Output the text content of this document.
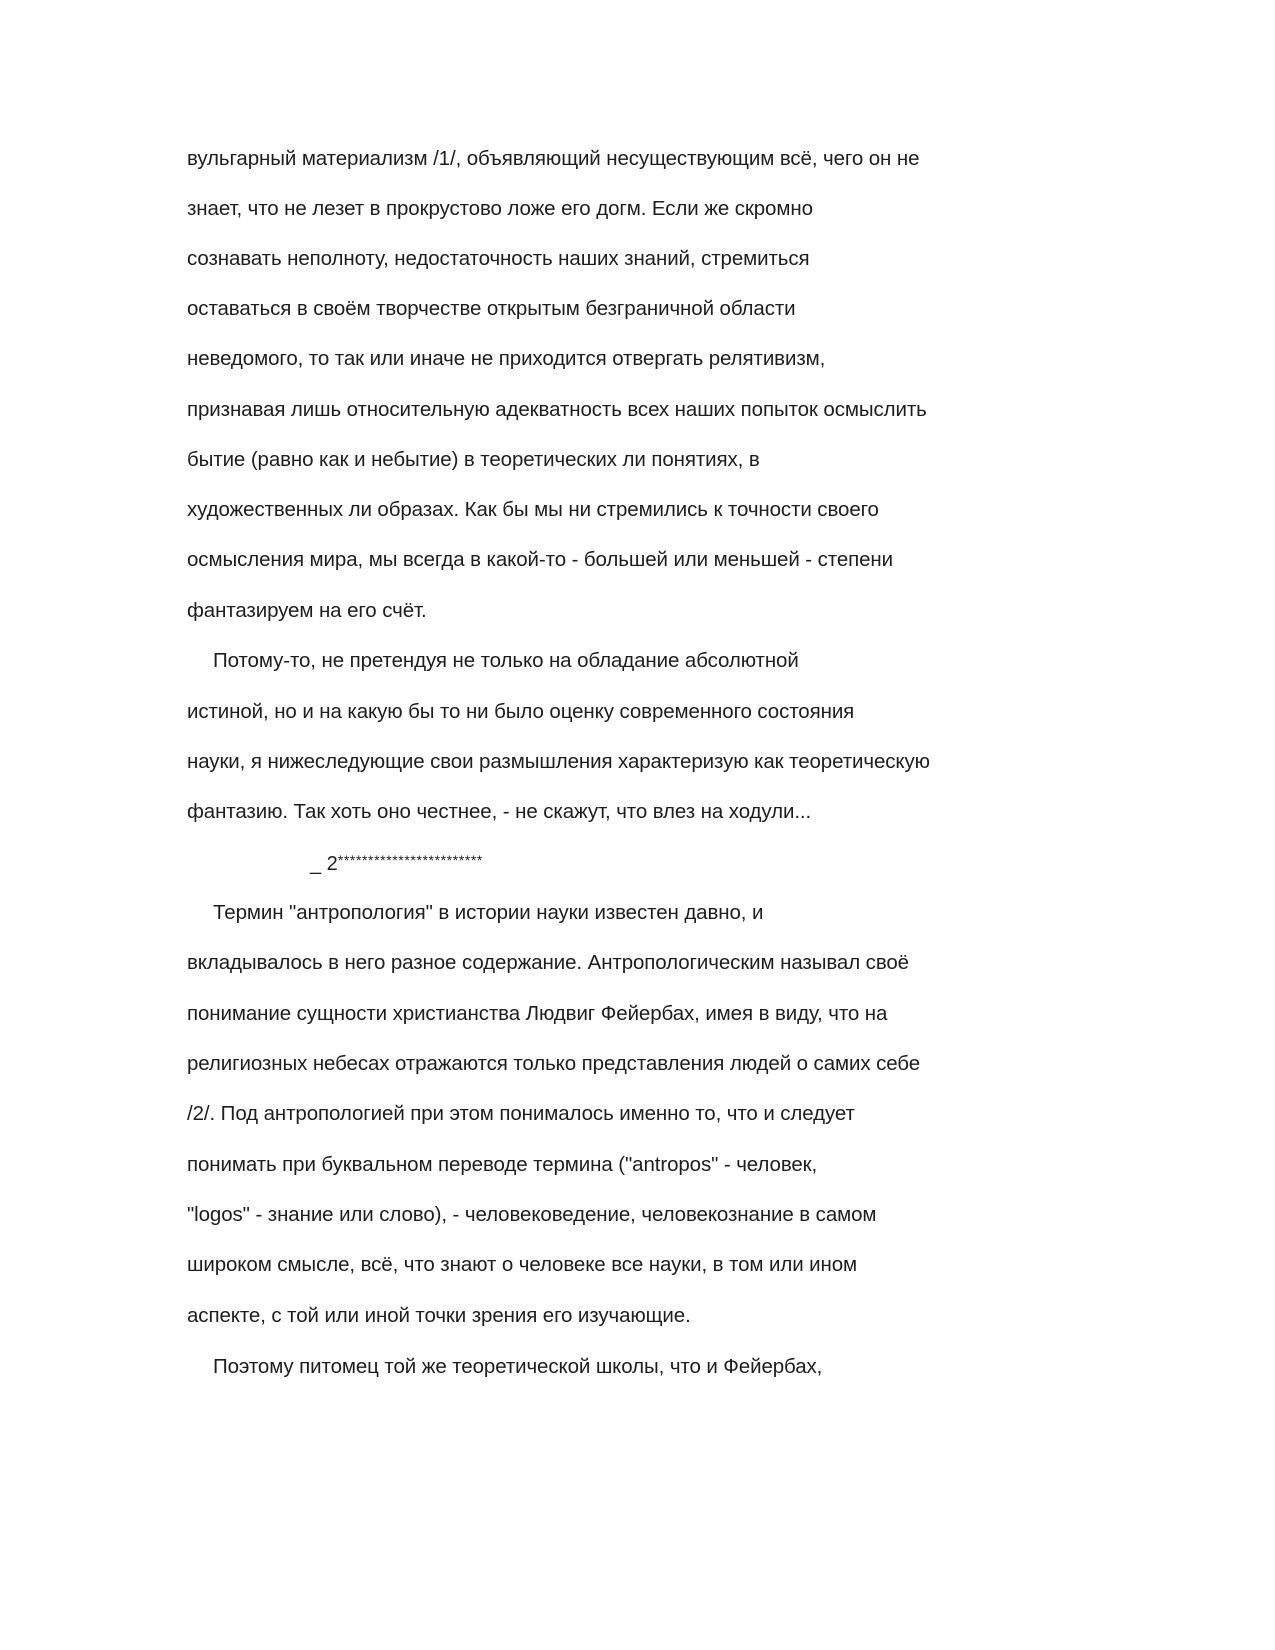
вульгарный материализм /1/, объявляющий несуществующим всё, чего он не
знает, что не лезет в прокрустово ложе его догм. Если же скромно
сознавать неполноту, недостаточность наших знаний, стремиться
оставаться в своём творчестве открытым безграничной области
неведомого, то так или иначе не приходится отвергать релятивизм,
признавая лишь относительную адекватность всех наших попыток осмыслить
бытие (равно как и небытие) в теоретических ли понятиях, в
художественных ли образах. Как бы мы ни стремились к точности своего
осмысления мира, мы всегда в какой-то - большей или меньшей - степени
фантазируем на его счёт.
Потому-то, не претендуя не только на обладание абсолютной
истиной, но и на какую бы то ни было оценку современного состояния
науки, я нижеследующие свои размышления характеризую как теоретическую
фантазию. Так хоть оно честнее, - не скажут, что влез на ходули...
_ 2************************
Термин "антропология" в истории науки известен давно, и
вкладывалось в него разное содержание. Антропологическим называл своё
понимание сущности христианства Людвиг Фейербах, имея в виду, что на
религиозных небесах отражаются только представления людей о самих себе
/2/. Под антропологией при этом понималось именно то, что и следует
понимать при буквальном переводе термина ("antropos" - человек,
"logos" - знание или слово), - человековедение, человекознание в самом
широком смысле, всё, что знают о человеке все науки, в том или ином
аспекте, с той или иной точки зрения его изучающие.
Поэтому питомец той же теоретической школы, что и Фейербах,
